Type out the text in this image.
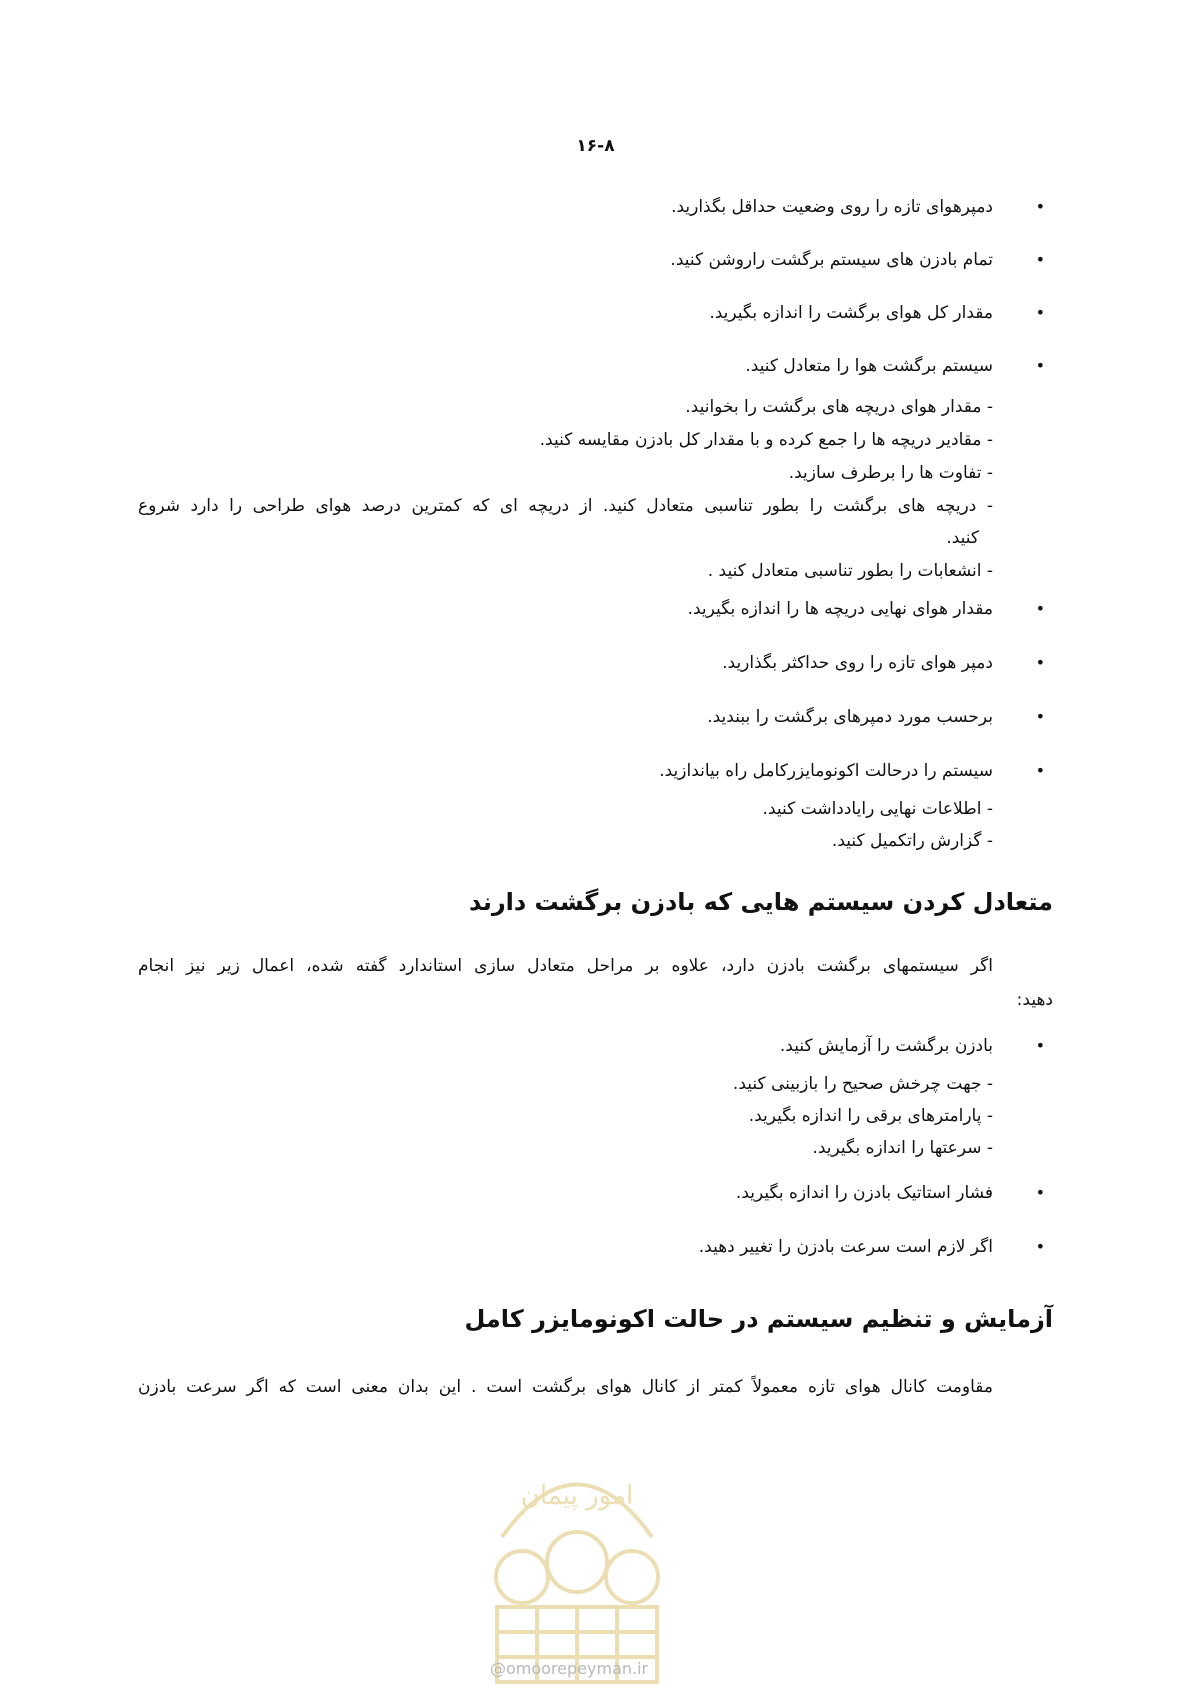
۱۶-۸
• دمپرهوای تازه را روی وضعیت حداقل بگذارید.
• تمام بادزن های سیستم برگشت راروشن کنید.
• مقدار کل هوای برگشت را اندازه بگیرید.
• سیستم برگشت هوا را متعادل کنید.
- مقدار هوای دریچه های برگشت را بخوانید.
- مقادیر دریچه ها را جمع کرده و با مقدار کل بادزن مقایسه کنید.
- تفاوت ها را برطرف سازید.
- دریچه های برگشت را بطور تناسبی متعادل کنید. از دریچه ای که کمترین درصد هوای طراحی را دارد شروع
کنید.
- انشعابات را بطور تناسبی متعادل کنید .
• مقدار هوای نهایی دریچه ها را اندازه بگیرید.
• دمپر هوای تازه را روی حداکثر بگذارید.
• برحسب مورد دمپرهای برگشت را ببندید.
• سیستم را درحالت اکونومایزرکامل راه بیاندازید.
- اطلاعات نهایی رایادداشت کنید.
- گزارش راتکمیل کنید.
متعادل کردن سیستم هایی که بادزن برگشت دارند
اگر سیستمهای برگشت بادزن دارد، علاوه بر مراحل متعادل سازی استاندارد گفته شده، اعمال زیر نیز انجام
دهید:
• بادزن برگشت را آزمایش کنید.
- جهت چرخش صحیح را بازبینی کنید.
- پارامترهای برقی را اندازه بگیرید.
- سرعتها را اندازه بگیرید.
• فشار استاتیک بادزن را اندازه بگیرید.
• اگر لازم است سرعت بادزن را تغییر دهید.
آزمایش و تنظیم سیستم در حالت اکونومایزر کامل
مقاومت کانال هوای تازه معمولاً کمتر از کانال هوای برگشت است . این بدان معنی است که اگر سرعت بادزن
امور پیمان
@omoorepeyman.ir
